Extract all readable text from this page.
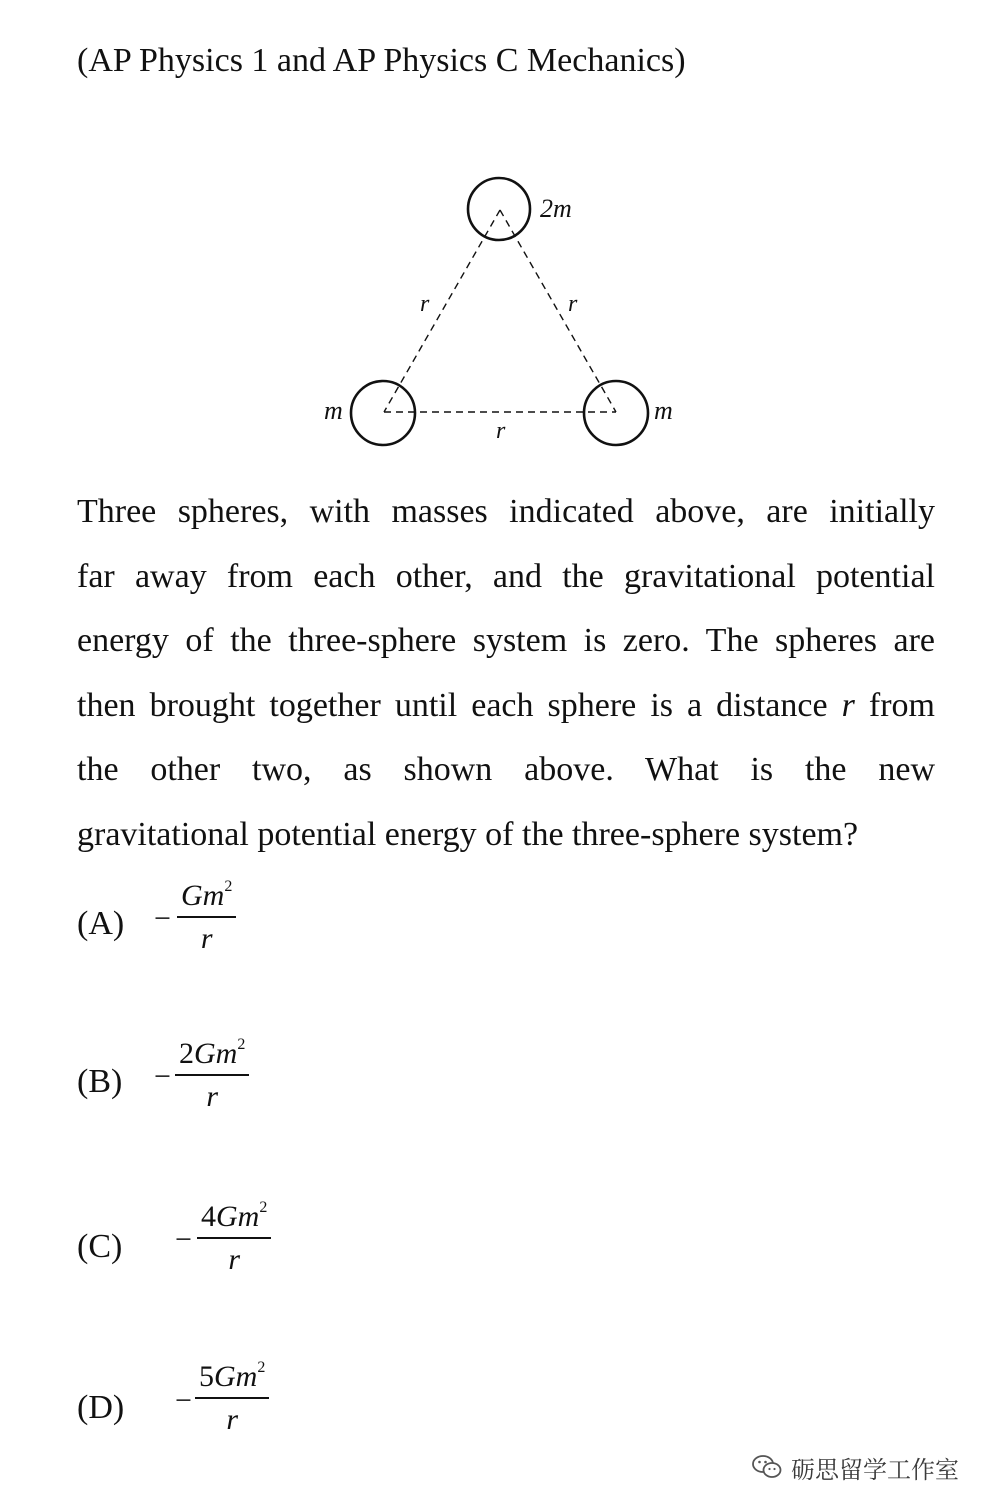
(AP Physics 1 and AP Physics C Mechanics)
2m
m	m
r	r
r
Three spheres, with masses indicated above, are initially
far away from each other, and the gravitational potential
energy of the three-sphere system is zero. The spheres are
then brought together until each sphere is a distance r from
the other two, as shown above. What is the new
gravitational potential energy of the three-sphere system?
(A) −
$Gm^2$
r
(B) −
$2Gm^2$
r
(C) −
$4Gm^2$
r
(D) −
$5Gm^2$
r
砺思留学工作室
